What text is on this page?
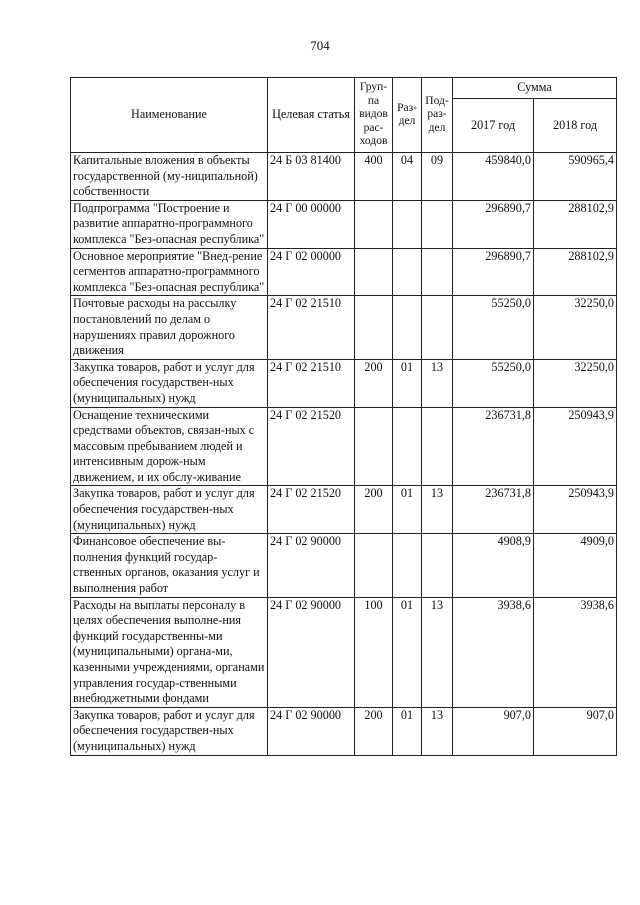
704
Наименование	Целевая статья	Груп-па видов рас-ходов	Раз-дел	Под-раз-дел	Сумма	
					2017 год	2018 год
Капитальные вложения в объекты государственной (му-ниципальной) собственности	24 Б 03 81400	400	04	09	459840,0	590965,4
Подпрограмма "Построение и развитие аппаратно-программного комплекса "Без-опасная республика"	24 Г 00 00000				296890,7	288102,9
Основное мероприятие "Внед-рение сегментов аппаратно-программного комплекса "Без-опасная республика"	24 Г 02 00000				296890,7	288102,9
Почтовые расходы на рассылку постановлений по делам о нарушениях правил дорожного движения	24 Г 02 21510				55250,0	32250,0
Закупка товаров, работ и услуг для обеспечения государствен-ных (муниципальных) нужд	24 Г 02 21510	200	01	13	55250,0	32250,0
Оснащение техническими средствами объектов, связан-ных с массовым пребыванием людей и интенсивным дорож-ным движением, и их обслу-живание	24 Г 02 21520				236731,8	250943,9
Закупка товаров, работ и услуг для обеспечения государствен-ных (муниципальных) нужд	24 Г 02 21520	200	01	13	236731,8	250943,9
Финансовое обеспечение вы-полнения функций государ-ственных органов, оказания услуг и выполнения работ	24 Г 02 90000				4908,9	4909,0
Расходы на выплаты персоналу в целях обеспечения выполне-ния функций государственны-ми (муниципальными) органа-ми, казенными учреждениями, органами управления государ-ственными внебюджетными фондами	24 Г 02 90000	100	01	13	3938,6	3938,6
Закупка товаров, работ и услуг для обеспечения государствен-ных (муниципальных) нужд	24 Г 02 90000	200	01	13	907,0	907,0
